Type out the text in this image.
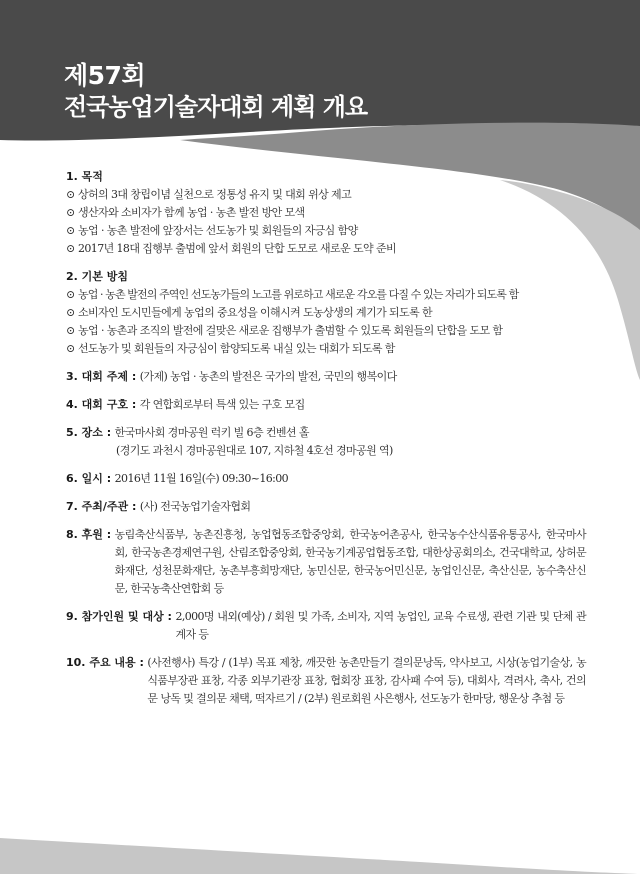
제57회
전국농업기술자대회 계획 개요
1. 목적
⊙ 상허의 3대 창립이념 실천으로 정통성 유지 및 대회 위상 제고
⊙ 생산자와 소비자가 함께 농업 · 농촌 발전 방안 모색
⊙ 농업 · 농촌 발전에 앞장서는 선도농가 및 회원들의 자긍심 함양
⊙ 2017년 18대 집행부 출범에 앞서 회원의 단합 도모로 새로운 도약 준비
2. 기본 방침
⊙ 농업 · 농촌 발전의 주역인 선도농가들의 노고를 위로하고 새로운 각오를 다질 수 있는 자리가 되도록 함
⊙ 소비자인 도시민들에게 농업의 중요성을 이해시켜 도농상생의 계기가 되도록 한
⊙ 농업 · 농촌과 조직의 발전에 걸맞은 새로운 집행부가 출범할 수 있도록 회원들의 단합을 도모 함
⊙ 선도농가 및 회원들의 자긍심이 함양되도록 내실 있는 대회가 되도록 함
3. 대회 주제 :
(가제) 농업 · 농촌의 발전은 국가의 발전, 국민의 행복이다
4. 대회 구호 :
각 연합회로부터 특색 있는 구호 모집
5. 장소 :
한국마사회 경마공원 럭키 빌 6층 컨벤션 홀
(경기도 과천시 경마공원대로 107, 지하철 4호선 경마공원 역)
6. 일시 :
2016년 11월 16일(수) 09:30~16:00
7. 주최/주관 :
(사) 전국농업기술자협회
8. 후원 :
농림축산식품부, 농촌진흥청, 농업협동조합중앙회, 한국농어촌공사, 한국농수산식품유통공사, 한국마사회, 한국농촌경제연구원, 산림조합중앙회, 한국농기계공업협동조합, 대한상공회의소, 건국대학교, 상허문화재단, 성천문화재단, 농촌부흥희망재단, 농민신문, 한국농어민신문, 농업인신문, 축산신문, 농수축산신문, 한국농축산연합회 등
9. 참가인원 및 대상 :
2,000명 내외(예상) / 회원 및 가족, 소비자, 지역 농업인, 교육 수료생, 관련 기관 및 단체 관계자 등
10. 주요 내용 :
(사전행사) 특강 / (1부) 목표 제창, 깨끗한 농촌만들기 결의문낭독, 약사보고, 시상(농업기술상, 농식품부장관 표창, 각종 외부기관장 표창, 협회장 표창, 감사패 수여 등), 대회사, 격려사, 축사, 건의문 낭독 및 결의문 채택, 떡자르기 / (2부) 원로회원 사은행사, 선도농가 한마당, 행운상 추첨 등
